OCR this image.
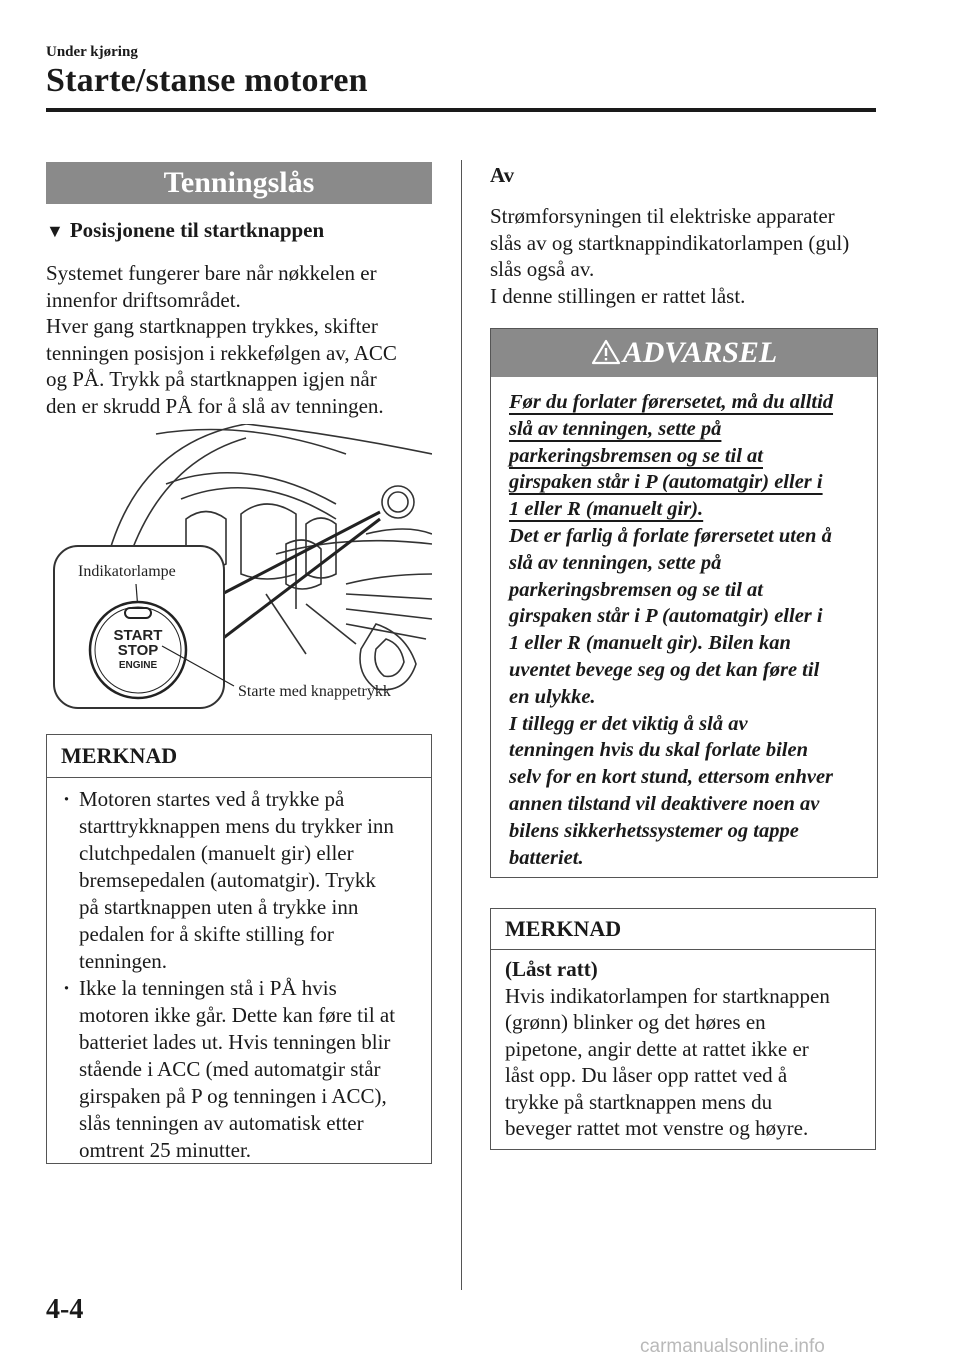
Under kjøring
Starte/stanse motoren
Tenningslås
▼ Posisjonene til startknappen

Systemet fungerer bare når nøkkelen er

innenfor driftsområdet.

Hver gang startknappen trykkes, skifter

tenningen posisjon i rekkefølgen av, ACC

og PÅ. Trykk på startknappen igjen når

den er skrudd PÅ for å slå av tenningen.

Indikatorlampe
START
STOP
ENGINE
Starte med knappetrykk
MERKNAD
· Motoren startes ved å trykke på
starttrykknappen mens du trykker inn
clutchpedalen (manuelt gir) eller
bremsepedalen (automatgir). Trykk
på startknappen uten å trykke inn
pedalen for å skifte stilling for
tenningen.
· Ikke la tenningen stå i PÅ hvis
motoren ikke går. Dette kan føre til at
batteriet lades ut. Hvis tenningen blir
stående i ACC (med automatgir står
girspaken på P og tenningen i ACC),
slås tenningen av automatisk etter
omtrent 25 minutter.
Av

Strømforsyningen til elektriske apparater

slås av og startknappindikatorlampen (gul)

slås også av.

I denne stillingen er rattet låst.

ADVARSEL

Før du forlater førersetet, må du alltid

slå av tenningen, sette på

parkeringsbremsen og se til at

girspaken står i P (automatgir) eller i

1 eller R (manuelt gir).

Det er farlig å forlate førersetet uten å

slå av tenningen, sette på

parkeringsbremsen og se til at

girspaken står i P (automatgir) eller i

1 eller R (manuelt gir). Bilen kan

uventet bevege seg og det kan føre til

en ulykke.

I tillegg er det viktig å slå av

tenningen hvis du skal forlate bilen

selv for en kort stund, ettersom enhver

annen tilstand vil deaktivere noen av

bilens sikkerhetssystemer og tappe

batteriet.

MERKNAD

(Låst ratt)

Hvis indikatorlampen for startknappen

(grønn) blinker og det høres en

pipetone, angir dette at rattet ikke er

låst opp. Du låser opp rattet ved å

trykke på startknappen mens du

beveger rattet mot venstre og høyre.

4-4
carmanualsonline.info
